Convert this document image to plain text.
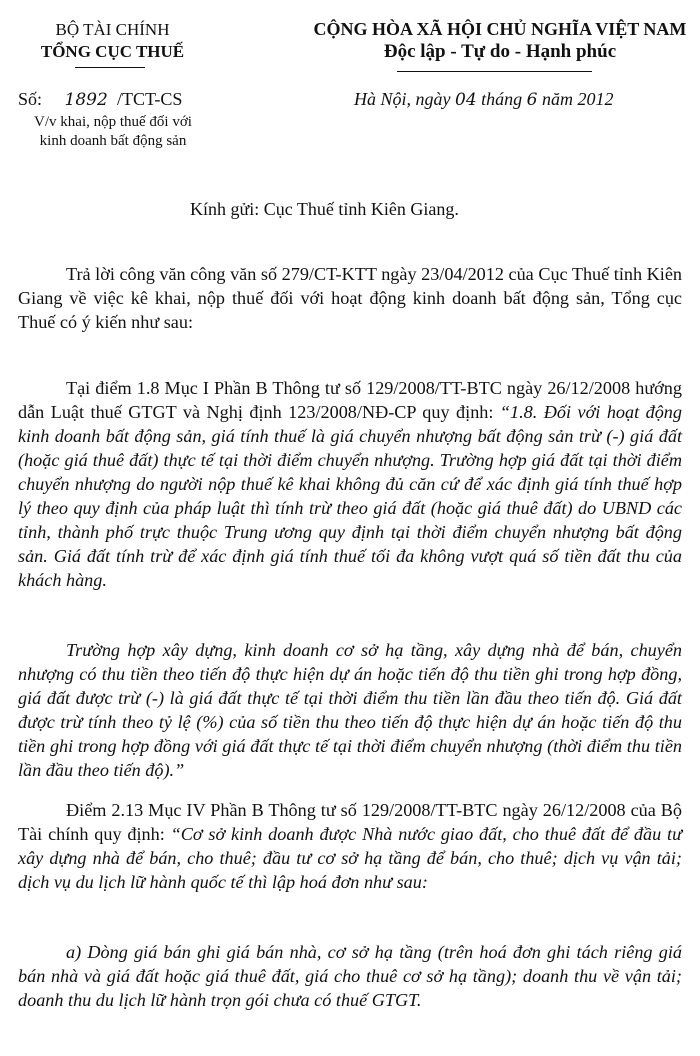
BỘ TÀI CHÍNH
TỔNG CỤC THUẾ
CỘNG HÒA XÃ HỘI CHỦ NGHĨA VIỆT NAM
Độc lập - Tự do - Hạnh phúc
Số: 1892 /TCT-CS
V/v khai, nộp thuế đối với
kinh doanh bất động sản
Hà Nội, ngày 04 tháng 6 năm 2012
Kính gửi: Cục Thuế tỉnh Kiên Giang.

Trả lời công văn công văn số 279/CT-KTT ngày 23/04/2012 của Cục Thuế tỉnh Kiên Giang về việc kê khai, nộp thuế đối với hoạt động kinh doanh bất động sản, Tổng cục Thuế có ý kiến như sau:

Tại điểm 1.8 Mục I Phần B Thông tư số 129/2008/TT-BTC ngày 26/12/2008 hướng dẫn Luật thuế GTGT và Nghị định 123/2008/NĐ-CP quy định: “1.8. Đối với hoạt động kinh doanh bất động sản, giá tính thuế là giá chuyển nhượng bất động sản trừ (-) giá đất (hoặc giá thuê đất) thực tế tại thời điểm chuyển nhượng. Trường hợp giá đất tại thời điểm chuyển nhượng do người nộp thuế kê khai không đủ căn cứ để xác định giá tính thuế hợp lý theo quy định của pháp luật thì tính trừ theo giá đất (hoặc giá thuê đất) do UBND các tỉnh, thành phố trực thuộc Trung ương quy định tại thời điểm chuyển nhượng bất động sản. Giá đất tính trừ để xác định giá tính thuế tối đa không vượt quá số tiền đất thu của khách hàng.

Trường hợp xây dựng, kinh doanh cơ sở hạ tầng, xây dựng nhà để bán, chuyển nhượng có thu tiền theo tiến độ thực hiện dự án hoặc tiến độ thu tiền ghi trong hợp đồng, giá đất được trừ (-) là giá đất thực tế tại thời điểm thu tiền lần đầu theo tiến độ. Giá đất được trừ tính theo tỷ lệ (%) của số tiền thu theo tiến độ thực hiện dự án hoặc tiến độ thu tiền ghi trong hợp đồng với giá đất thực tế tại thời điểm chuyển nhượng (thời điểm thu tiền lần đầu theo tiến độ).”

Điểm 2.13 Mục IV Phần B Thông tư số 129/2008/TT-BTC ngày 26/12/2008 của Bộ Tài chính quy định: “Cơ sở kinh doanh được Nhà nước giao đất, cho thuê đất để đầu tư xây dựng nhà để bán, cho thuê; đầu tư cơ sở hạ tầng để bán, cho thuê; dịch vụ vận tải; dịch vụ du lịch lữ hành quốc tế thì lập hoá đơn như sau:

a) Dòng giá bán ghi giá bán nhà, cơ sở hạ tầng (trên hoá đơn ghi tách riêng giá bán nhà và giá đất hoặc giá thuê đất, giá cho thuê cơ sở hạ tầng); doanh thu về vận tải; doanh thu du lịch lữ hành trọn gói chưa có thuế GTGT.
